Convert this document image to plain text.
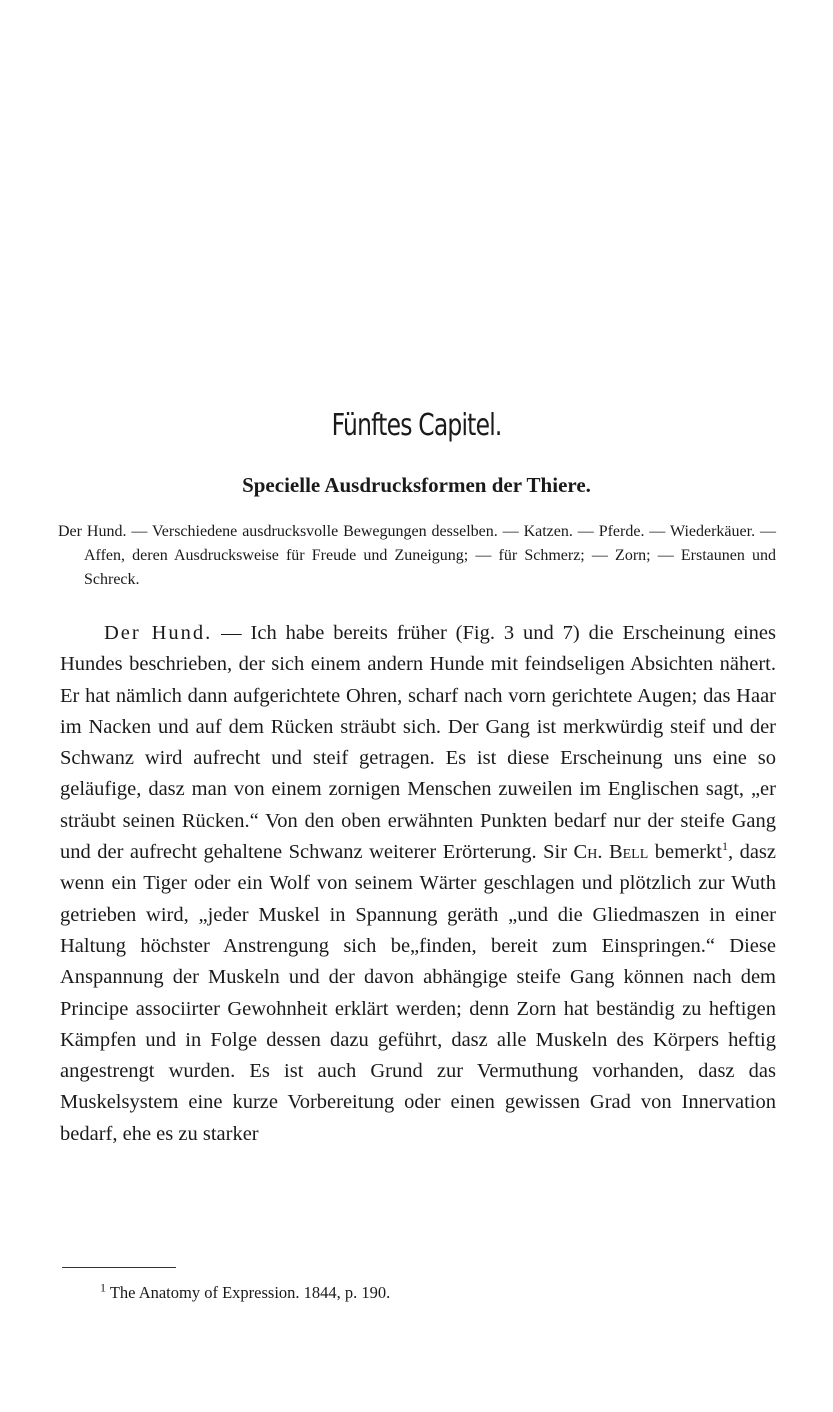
Fünftes Capitel.
Specielle Ausdrucksformen der Thiere.

Der Hund. — Verschiedene ausdrucksvolle Bewegungen desselben. — Katzen. — Pferde. — Wiederkäuer. — Affen, deren Ausdrucksweise für Freude und Zuneigung; — für Schmerz; — Zorn; — Erstaunen und Schreck.

Der Hund. — Ich habe bereits früher (Fig. 3 und 7) die Erscheinung eines Hundes beschrieben, der sich einem andern Hunde mit feindseligen Absichten nähert. Er hat nämlich dann aufgerichtete Ohren, scharf nach vorn gerichtete Augen; das Haar im Nacken und auf dem Rücken sträubt sich. Der Gang ist merkwürdig steif und der Schwanz wird aufrecht und steif getragen. Es ist diese Erscheinung uns eine so geläufige, dasz man von einem zornigen Menschen zuweilen im Englischen sagt, „er sträubt seinen Rücken.“ Von den oben erwähnten Punkten bedarf nur der steife Gang und der aufrecht gehaltene Schwanz weiterer Erörterung. Sir Ch. Bell bemerkt$^1$, dasz wenn ein Tiger oder ein Wolf von seinem Wärter geschlagen und plötzlich zur Wuth getrieben wird, „jeder Muskel in Spannung geräth „und die Gliedmaszen in einer Haltung höchster Anstrengung sich be„finden, bereit zum Einspringen.“ Diese Anspannung der Muskeln und der davon abhängige steife Gang können nach dem Principe associirter Gewohnheit erklärt werden; denn Zorn hat beständig zu heftigen Kämpfen und in Folge dessen dazu geführt, dasz alle Muskeln des Körpers heftig angestrengt wurden. Es ist auch Grund zur Vermuthung vorhanden, dasz das Muskelsystem eine kurze Vorbereitung oder einen gewissen Grad von Innervation bedarf, ehe es zu starker

$^1$ The Anatomy of Expression. 1844, p. 190.
